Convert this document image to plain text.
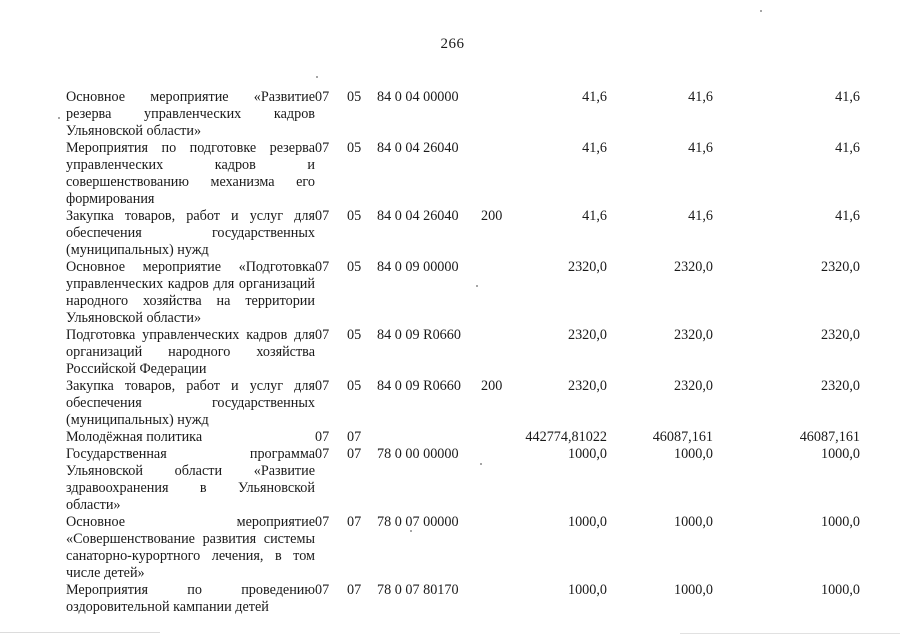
266
Основное мероприятие «Развитие резерва управленческих кадров Ульяновской области»	07	05	84 0 04 00000		41,6	41,6	41,6
Мероприятия по подготовке резерва управленческих кадров и совершенствованию механизма его формирования	07	05	84 0 04 26040		41,6	41,6	41,6
Закупка товаров, работ и услуг для обеспечения государственных (муниципальных) нужд	07	05	84 0 04 26040	200	41,6	41,6	41,6
Основное мероприятие «Подготовка управленческих кадров для организаций народного хозяйства на территории Ульяновской области»	07	05	84 0 09 00000		2320,0	2320,0	2320,0
Подготовка управленческих кадров для организаций народного хозяйства Российской Федерации	07	05	84 0 09 R0660		2320,0	2320,0	2320,0
Закупка товаров, работ и услуг для обеспечения государственных (муниципальных) нужд	07	05	84 0 09 R0660	200	2320,0	2320,0	2320,0
Молодёжная политика	07	07			442774,81022	46087,161	46087,161
Государственная программа Ульяновской области «Развитие здравоохранения в Ульяновской области»	07	07	78 0 00 00000		1000,0	1000,0	1000,0
Основное мероприятие «Совершенствование развития системы санаторно-курортного лечения, в том числе детей»	07	07	78 0 07 00000		1000,0	1000,0	1000,0
Мероприятия по проведению оздоровительной кампании детей	07	07	78 0 07 80170		1000,0	1000,0	1000,0
